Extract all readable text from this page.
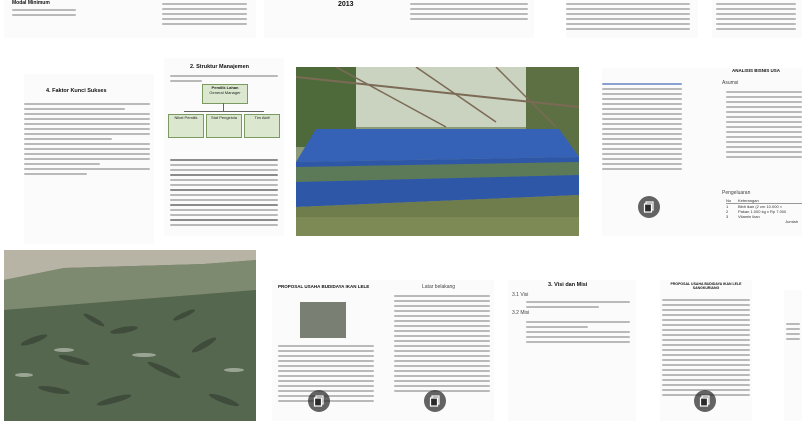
Modal Minimum	2013
4. Faktor Kunci Sukses
2. Struktur Manajemen
Pemilik Lahan
General Manager
Nikel Pemilik	Staf Pengelola	Tim Aktif
ANALISIS BISNIS USA
Asumsi
Pengeluaran
No	Keterangan
1	Bibit ikan (2 cm 10.000 ×
2	Pakan 1.000 kg x Rp 7.000
3	Vitamin ikan
Jumlah
PROPOSAL USAHA BUDIDAYA IKAN LELE	Latar belakang	3. Visi dan Misi
3.1 Visi
3.2 Misi
PROPOSAL USAHA BUDIDAYA IKAN LELE SANGKURIANG
